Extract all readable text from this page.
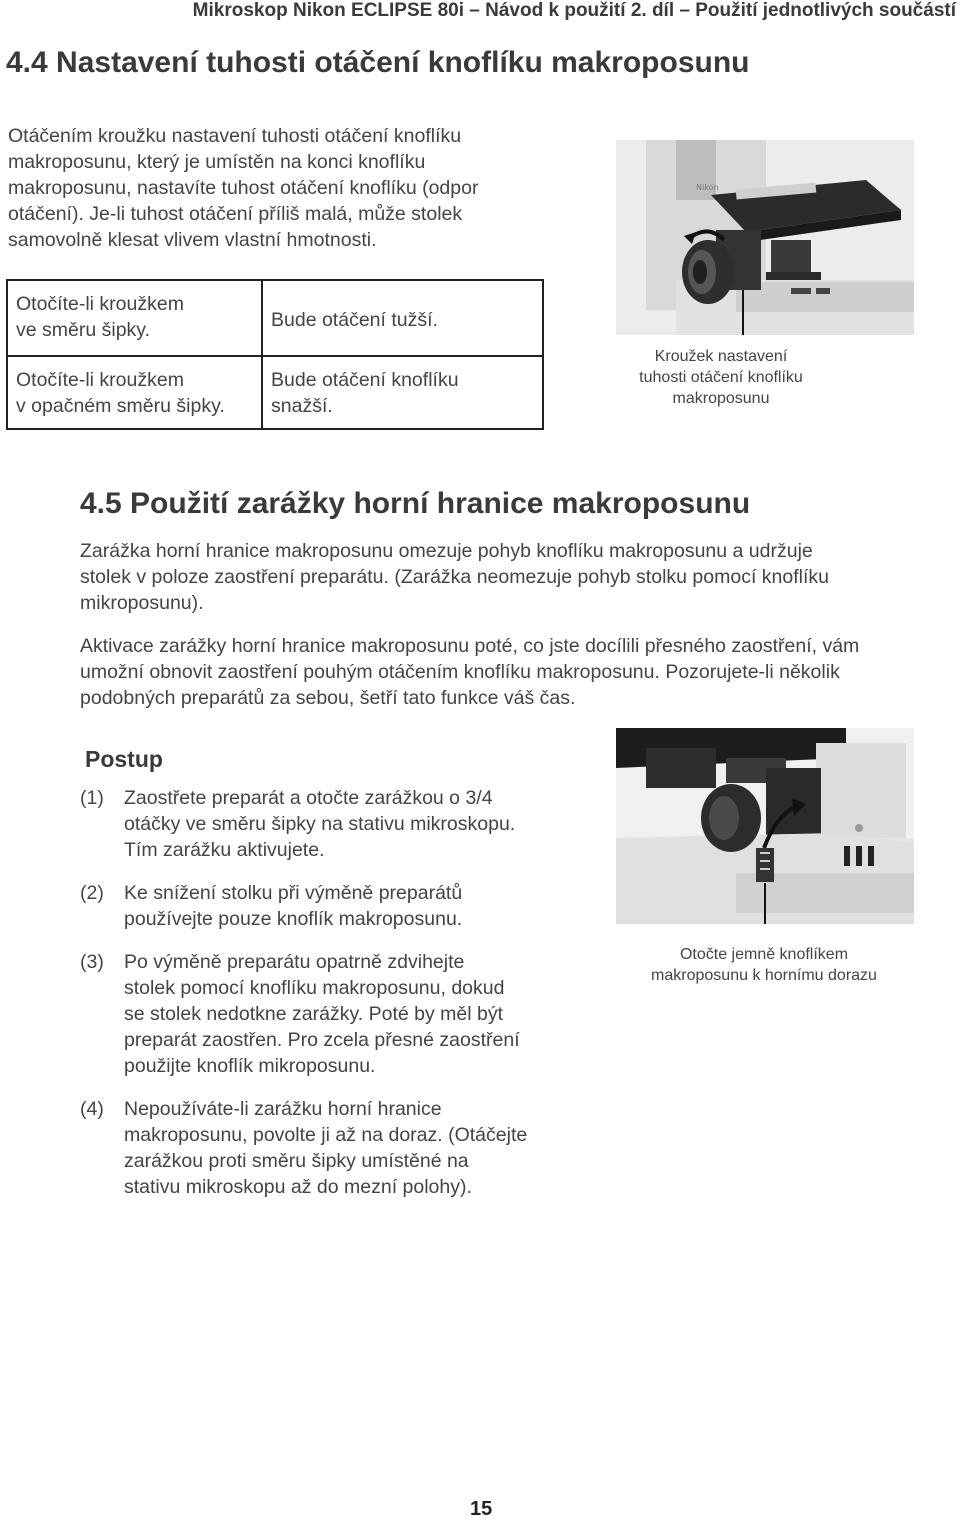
Mikroskop Nikon ECLIPSE 80i – Návod k použití 2. díl – Použití jednotlivých součástí
4.4 Nastavení tuhosti otáčení knoflíku makroposunu
Otáčením kroužku nastavení tuhosti otáčení knoflíku
makroposunu, který je umístěn na konci knoflíku
makroposunu, nastavíte tuhost otáčení knoflíku (odpor
otáčení). Je-li tuhost otáčení příliš malá, může stolek
samovolně klesat vlivem vlastní hmotnosti.
Otočíte-li kroužkem
ve směru šipky.	Bude otáčení tužší.
Otočíte-li kroužkem
v opačném směru šipky.
Bude otáčení knoflíku
snažší.
Nikon
Kroužek nastavení
tuhosti otáčení knoflíku
makroposunu
4.5 Použití zarážky horní hranice makroposunu
Zarážka horní hranice makroposunu omezuje pohyb knoflíku makroposunu a udržuje
stolek v poloze zaostření preparátu. (Zarážka neomezuje pohyb stolku pomocí knoflíku
mikroposunu).
Aktivace zarážky horní hranice makroposunu poté, co jste docílili přesného zaostření, vám
umožní obnovit zaostření pouhým otáčením knoflíku makroposunu. Pozorujete-li několik
podobných preparátů za sebou, šetří tato funkce váš čas.
Postup
(1) Zaostřete preparát a otočte zarážkou o 3/4
otáčky ve směru šipky na stativu mikroskopu.
Tím zarážku aktivujete.
(2) Ke snížení stolku při výměně preparátů
používejte pouze knoflík makroposunu.
(3) Po výměně preparátu opatrně zdvihejte
stolek pomocí knoflíku makroposunu, dokud
se stolek nedotkne zarážky. Poté by měl být
preparát zaostřen. Pro zcela přesné zaostření
použijte knoflík mikroposunu.
(4) Nepoužíváte-li zarážku horní hranice
makroposunu, povolte ji až na doraz. (Otáčejte
zarážkou proti směru šipky umístěné na
stativu mikroskopu až do mezní polohy).
Otočte jemně knoflíkem
makroposunu k hornímu dorazu
15
